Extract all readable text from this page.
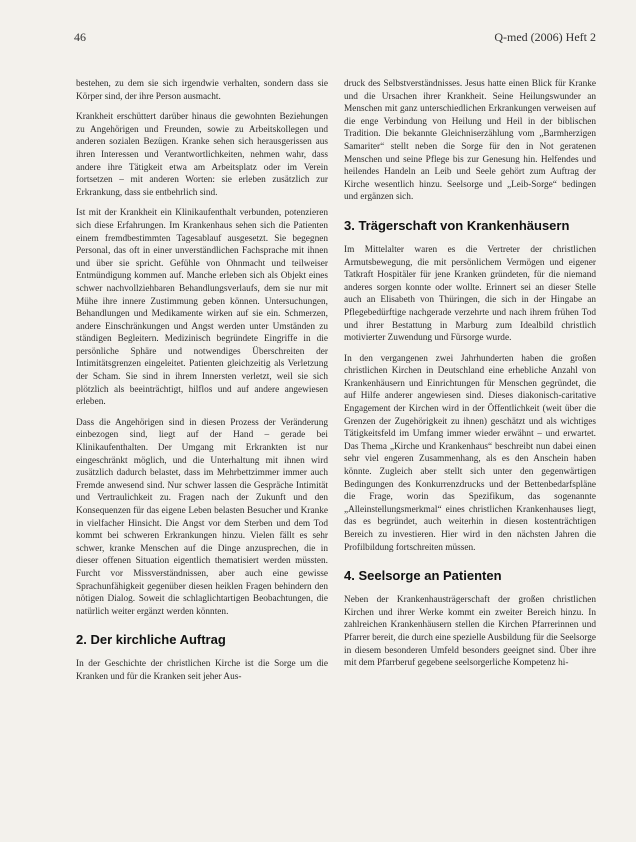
46	Q-med (2006) Heft 2

bestehen, zu dem sie sich irgendwie verhalten, sondern dass sie Körper sind, der ihre Person ausmacht.

Krankheit erschüttert darüber hinaus die gewohnten Beziehungen zu Angehörigen und Freunden, sowie zu Arbeitskollegen und anderen sozialen Bezügen. Kranke sehen sich herausgerissen aus ihren Interessen und Verantwortlichkeiten, nehmen wahr, dass andere ihre Tätigkeit etwa am Arbeitsplatz oder im Verein fortsetzen – mit anderen Worten: sie erleben zusätzlich zur Erkrankung, dass sie entbehrlich sind.

Ist mit der Krankheit ein Klinikaufenthalt verbunden, potenzieren sich diese Erfahrungen. Im Krankenhaus sehen sich die Patienten einem fremdbestimmten Tagesablauf ausgesetzt. Sie begegnen Personal, das oft in einer unverständlichen Fachsprache mit ihnen und über sie spricht. Gefühle von Ohnmacht und teilweiser Entmündigung kommen auf. Manche erleben sich als Objekt eines schwer nachvollziehbaren Behandlungsverlaufs, dem sie nur mit Mühe ihre innere Zustimmung geben können. Untersuchungen, Behandlungen und Medikamente wirken auf sie ein. Schmerzen, andere Einschränkungen und Angst werden unter Umständen zu ständigen Begleitern. Medizinisch begründete Eingriffe in die persönliche Sphäre und notwendiges Überschreiten der Intimitätsgrenzen eingeleitet. Patienten gleichzeitig als Verletzung der Scham. Sie sind in ihrem Innersten verletzt, weil sie sich plötzlich als beeinträchtigt, hilflos und auf andere angewiesen erleben.

Dass die Angehörigen sind in diesen Prozess der Veränderung einbezogen sind, liegt auf der Hand – gerade bei Klinikaufenthalten. Der Umgang mit Erkrankten ist nur eingeschränkt möglich, und die Unterhaltung mit ihnen wird zusätzlich dadurch belastet, dass im Mehrbettzimmer immer auch Fremde anwesend sind. Nur schwer lassen die Gespräche Intimität und Vertraulichkeit zu. Fragen nach der Zukunft und den Konsequenzen für das eigene Leben belasten Besucher und Kranke in vielfacher Hinsicht. Die Angst vor dem Sterben und dem Tod kommt bei schweren Erkrankungen hinzu. Vielen fällt es sehr schwer, kranke Menschen auf die Dinge anzusprechen, die in dieser offenen Situation eigentlich thematisiert werden müssten. Furcht vor Missverständnissen, aber auch eine gewisse Sprachunfähigkeit gegenüber diesen heiklen Fragen behindern den nötigen Dialog. Soweit die schlaglichtartigen Beobachtungen, die natürlich weiter ergänzt werden könnten.

2. Der kirchliche Auftrag

In der Geschichte der christlichen Kirche ist die Sorge um die Kranken und für die Kranken seit jeher Aus-

druck des Selbstverständnisses. Jesus hatte einen Blick für Kranke und die Ursachen ihrer Krankheit. Seine Heilungswunder an Menschen mit ganz unterschiedlichen Erkrankungen verweisen auf die enge Verbindung von Heilung und Heil in der biblischen Tradition. Die bekannte Gleichniserzählung vom „Barmherzigen Samariter“ stellt neben die Sorge für den in Not geratenen Menschen und seine Pflege bis zur Genesung hin. Helfendes und heilendes Handeln an Leib und Seele gehört zum Auftrag der Kirche wesentlich hinzu. Seelsorge und „Leib-Sorge“ bedingen und ergänzen sich.

3. Trägerschaft von Krankenhäusern

Im Mittelalter waren es die Vertreter der christlichen Armutsbewegung, die mit persönlichem Vermögen und eigener Tatkraft Hospitäler für jene Kranken gründeten, für die niemand anderes sorgen konnte oder wollte. Erinnert sei an dieser Stelle auch an Elisabeth von Thüringen, die sich in der Hingabe an Pflegebedürftige nachgerade verzehrte und nach ihrem frühen Tod und ihrer Bestattung in Marburg zum Idealbild christlich motivierter Zuwendung und Fürsorge wurde.

In den vergangenen zwei Jahrhunderten haben die großen christlichen Kirchen in Deutschland eine erhebliche Anzahl von Krankenhäusern und Einrichtungen für Menschen gegründet, die auf Hilfe anderer angewiesen sind. Dieses diakonisch-caritative Engagement der Kirchen wird in der Öffentlichkeit (weit über die Grenzen der Zugehörigkeit zu ihnen) geschätzt und als wichtiges Tätigkeitsfeld im Umfang immer wieder erwähnt – und erwartet. Das Thema „Kirche und Krankenhaus“ beschreibt nun dabei einen sehr viel engeren Zusammenhang, als es den Anschein haben könnte. Zugleich aber stellt sich unter den gegenwärtigen Bedingungen des Konkurrenzdrucks und der Bettenbedarfspläne die Frage, worin das Spezifikum, das sogenannte „Alleinstellungsmerkmal“ eines christlichen Krankenhauses liegt, das es begründet, auch weiterhin in diesen kostenträchtigen Bereich zu investieren. Hier wird in den nächsten Jahren die Profilbildung fortschreiten müssen.

4. Seelsorge an Patienten

Neben der Krankenhausträgerschaft der großen christlichen Kirchen und ihrer Werke kommt ein zweiter Bereich hinzu. In zahlreichen Krankenhäusern stellen die Kirchen Pfarrerinnen und Pfarrer bereit, die durch eine spezielle Ausbildung für die Seelsorge in diesem besonderen Umfeld besonders geeignet sind. Über ihre mit dem Pfarrberuf gegebene seelsorgerliche Kompetenz hi-
